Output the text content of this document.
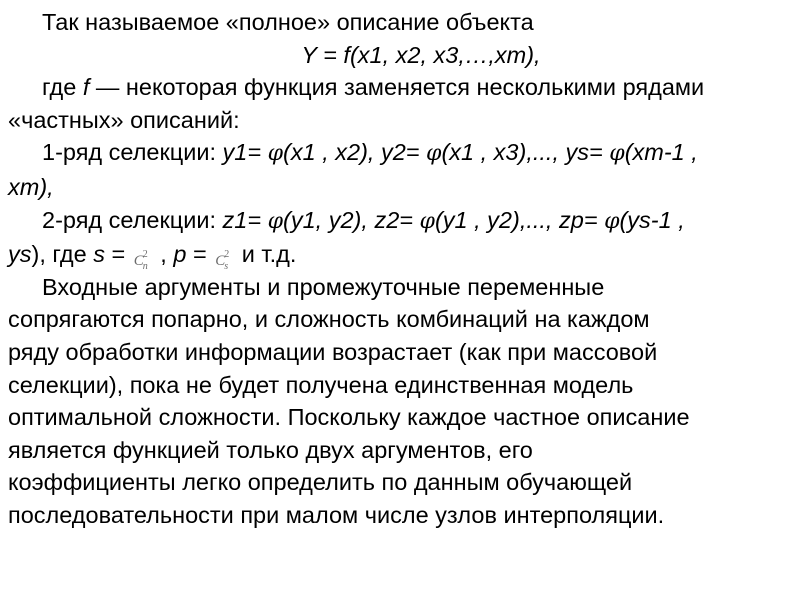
Так называемое «полное» описание объекта
Y = f(x1, x2, x3,…,xm),
где f — некоторая функция заменяется несколькими рядами
«частных» описаний:
1-ряд селекции: y1= φ(x1 , x2), y2= φ(x1 , x3),..., ys= φ(xm-1 ,
xm),
2-ряд селекции: z1= φ(y1, y2), z2= φ(y1 , y2),..., zp= φ(ys-1 ,
ys), где s = C
2
n , p = C
2
s и т.д.
Входные аргументы и промежуточные переменные
сопрягаются попарно, и сложность комбинаций на каждом
ряду обработки информации возрастает (как при массовой
селекции), пока не будет получена единственная модель
оптимальной сложности. Поскольку каждое частное описание
является функцией только двух аргументов, его
коэффициенты легко определить по данным обучающей
последовательности при малом числе узлов интерполяции.
